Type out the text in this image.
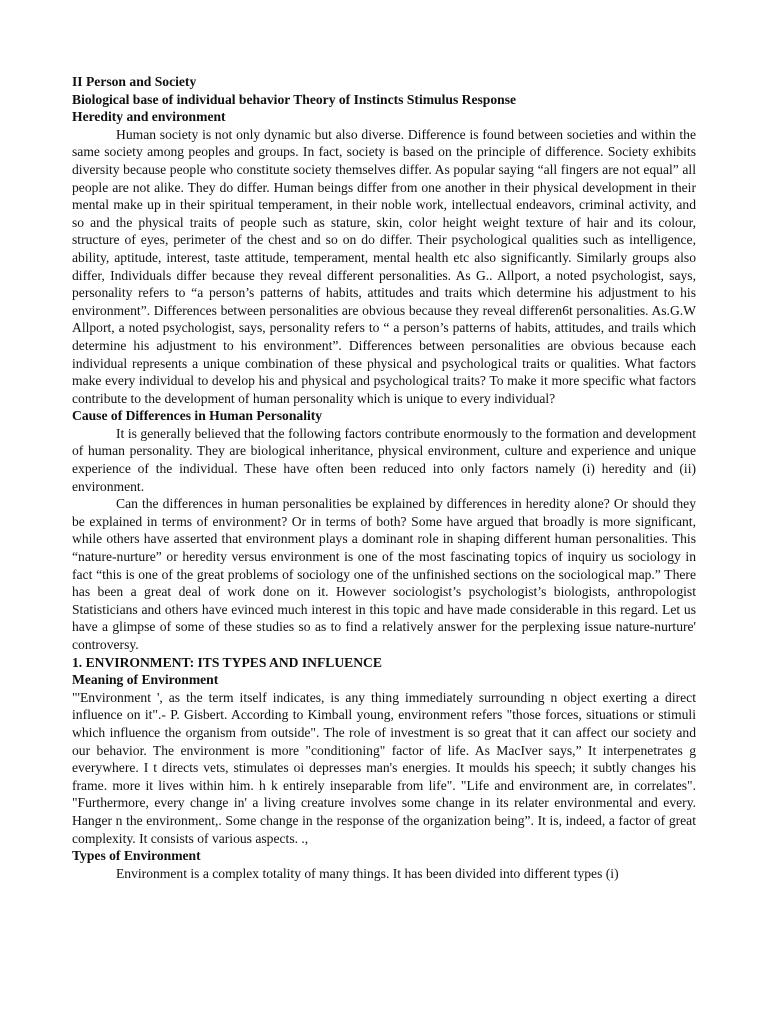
II Person and Society
Biological base of individual behavior Theory of Instincts Stimulus Response
Heredity and environment

Human society is not only dynamic but also diverse. Difference is found between societies and within the same society among peoples and groups. In fact, society is based on the principle of difference. Society exhibits diversity because people who constitute society themselves differ. As popular saying “all fingers are not equal” all people are not alike. They do differ. Human beings differ from one another in their physical development in their mental make up in their spiritual temperament, in their noble work, intellectual endeavors, criminal activity, and so and the physical traits of people such as stature, skin, color height weight texture of hair and its colour, structure of eyes, perimeter of the chest and so on do differ. Their psychological qualities such as intelligence, ability, aptitude, interest, taste attitude, temperament, mental health etc also significantly. Similarly groups also differ, Individuals differ because they reveal different personalities. As G.. Allport, a noted psychologist, says, personality refers to “a person’s patterns of habits, attitudes and traits which determine his adjustment to his environment”. Differences between personalities are obvious because they reveal differen6t personalities. As.G.W Allport, a noted psychologist, says, personality refers to “ a person’s patterns of habits, attitudes, and trails which determine his adjustment to his environment”. Differences between personalities are obvious because each individual represents a unique combination of these physical and psychological traits or qualities. What factors make every individual to develop his and physical and psychological traits? To make it more specific what factors contribute to the development of human personality which is unique to every individual?

Cause of Differences in Human Personality

It is generally believed that the following factors contribute enormously to the formation and development of human personality. They are biological inheritance, physical environment, culture and experience and unique experience of the individual. These have often been reduced into only factors namely (i) heredity and (ii) environment.

Can the differences in human personalities be explained by differences in heredity alone? Or should they be explained in terms of environment? Or in terms of both? Some have argued that broadly is more significant, while others have asserted that environment plays a dominant role in shaping different human personalities. This “nature-nurture” or heredity versus environment is one of the most fascinating topics of inquiry us sociology in fact “this is one of the great problems of sociology one of the unfinished sections on the sociological map.” There has been a great deal of work done on it. However sociologist’s psychologist’s biologists, anthropologist Statisticians and others have evinced much interest in this topic and have made considerable in this regard. Let us have a glimpse of some of these studies so as to find a relatively answer for the perplexing issue nature-nurture' controversy.

1. ENVIRONMENT: ITS TYPES AND INFLUENCE
Meaning of Environment

"'Environment ', as the term itself indicates, is any thing immediately surrounding n object exerting a direct influence on it".- P. Gisbert. According to Kimball young, environment refers "those forces, situations or stimuli which influence the organism from outside". The role of investment is so great that it can affect our society and our behavior. The environment is more "conditioning" factor of life. As MacIver says,” It interpenetrates g everywhere. I t directs vets, stimulates oi depresses man's energies. It moulds his speech; it subtly changes his frame. more it lives within him. h k entirely inseparable from life". "Life and environment are, in correlates". "Furthermore, every change in' a living creature involves some change in its relater environmental and every. Hanger n the environment,. Some change in the response of the organization being”. It is, indeed, a factor of great complexity. It consists of various aspects. .,

Types of Environment

Environment is a complex totality of many things. It has been divided into different types (i)
